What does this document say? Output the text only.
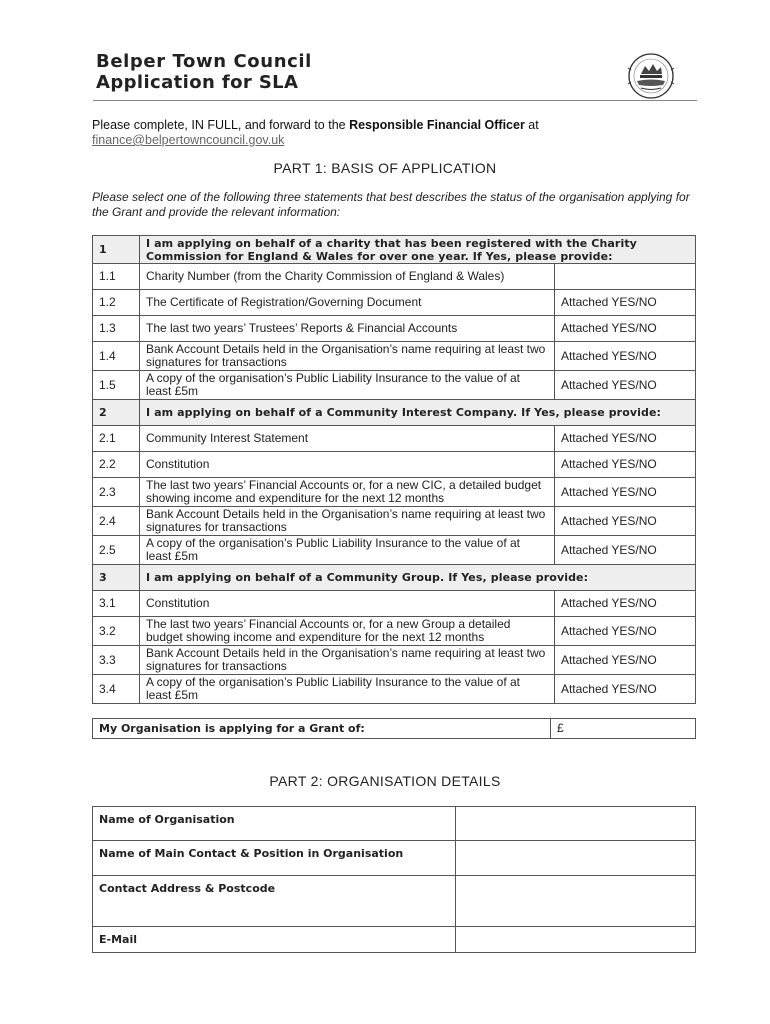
Belper Town Council
Application for SLA
Please complete, IN FULL, and forward to the Responsible Financial Officer at
finance@belpertowncouncil.gov.uk
PART 1: BASIS OF APPLICATION
Please select one of the following three statements that best describes the status of the organisation applying for the Grant and provide the relevant information:
1	I am applying on behalf of a charity that has been registered with the Charity Commission for England & Wales for over one year. If Yes, please provide:	
1.1	Charity Number (from the Charity Commission of England & Wales)	
1.2	The Certificate of Registration/Governing Document	Attached YES/NO
1.3	The last two years’ Trustees’ Reports & Financial Accounts	Attached YES/NO
1.4	Bank Account Details held in the Organisation’s name requiring at least two signatures for transactions	Attached YES/NO
1.5	A copy of the organisation’s Public Liability Insurance to the value of at least £5m	Attached YES/NO
2	I am applying on behalf of a Community Interest Company. If Yes, please provide:	
2.1	Community Interest Statement	Attached YES/NO
2.2	Constitution	Attached YES/NO
2.3	The last two years’ Financial Accounts or, for a new CIC, a detailed budget showing income and expenditure for the next 12 months	Attached YES/NO
2.4	Bank Account Details held in the Organisation’s name requiring at least two signatures for transactions	Attached YES/NO
2.5	A copy of the organisation’s Public Liability Insurance to the value of at least £5m	Attached YES/NO
3	I am applying on behalf of a Community Group. If Yes, please provide:	
3.1	Constitution	Attached YES/NO
3.2	The last two years’ Financial Accounts or, for a new Group a detailed budget showing income and expenditure for the next 12 months	Attached YES/NO
3.3	Bank Account Details held in the Organisation’s name requiring at least two signatures for transactions	Attached YES/NO
3.4	A copy of the organisation’s Public Liability Insurance to the value of at least £5m	Attached YES/NO
My Organisation is applying for a Grant of:	£
PART 2: ORGANISATION DETAILS
Name of Organisation	
Name of Main Contact & Position in Organisation	
Contact Address & Postcode	
E-Mail	
